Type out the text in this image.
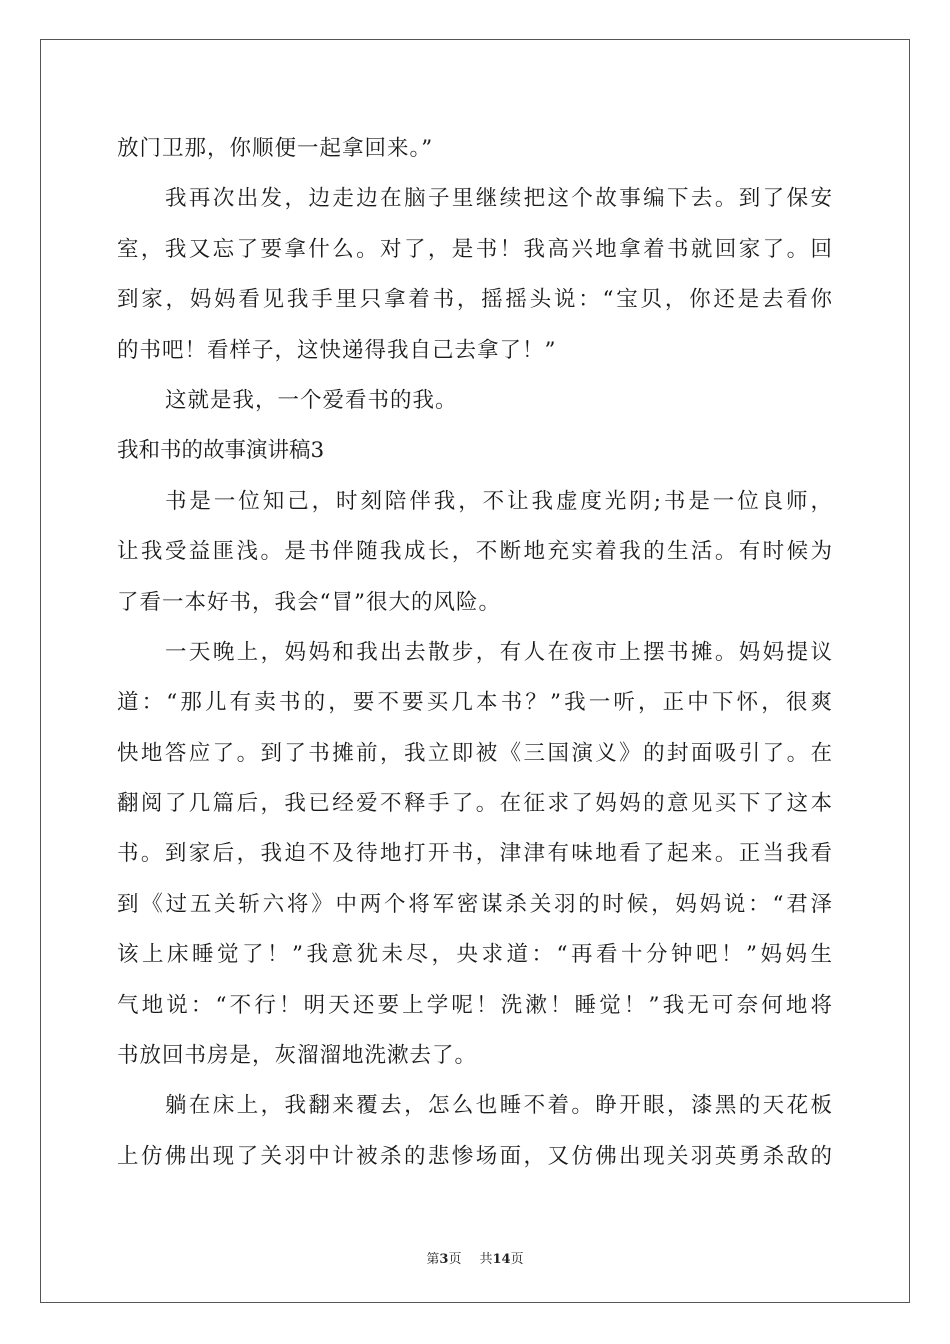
放门卫那，你顺便一起拿回来。”
我再次出发，边走边在脑子里继续把这个故事编下去。到了保安
室，我又忘了要拿什么。对了，是书！我高兴地拿着书就回家了。回
到家，妈妈看见我手里只拿着书，摇摇头说：“宝贝，你还是去看你
的书吧！看样子，这快递得我自己去拿了！”
这就是我，一个爱看书的我。
我和书的故事演讲稿3
书是一位知己，时刻陪伴我，不让我虚度光阴;书是一位良师，
让我受益匪浅。是书伴随我成长，不断地充实着我的生活。有时候为
了看一本好书，我会“冒”很大的风险。
一天晚上，妈妈和我出去散步，有人在夜市上摆书摊。妈妈提议
道：“那儿有卖书的，要不要买几本书？”我一听，正中下怀，很爽
快地答应了。到了书摊前，我立即被《三国演义》的封面吸引了。在
翻阅了几篇后，我已经爱不释手了。在征求了妈妈的意见买下了这本
书。到家后，我迫不及待地打开书，津津有味地看了起来。正当我看
到《过五关斩六将》中两个将军密谋杀关羽的时候，妈妈说：“君泽
该上床睡觉了！”我意犹未尽，央求道：“再看十分钟吧！”妈妈生
气地说：“不行！明天还要上学呢！洗漱！睡觉！”我无可奈何地将
书放回书房是，灰溜溜地洗漱去了。
躺在床上，我翻来覆去，怎么也睡不着。睁开眼，漆黑的天花板
上仿佛出现了关羽中计被杀的悲惨场面，又仿佛出现关羽英勇杀敌的
第3页 共14页
